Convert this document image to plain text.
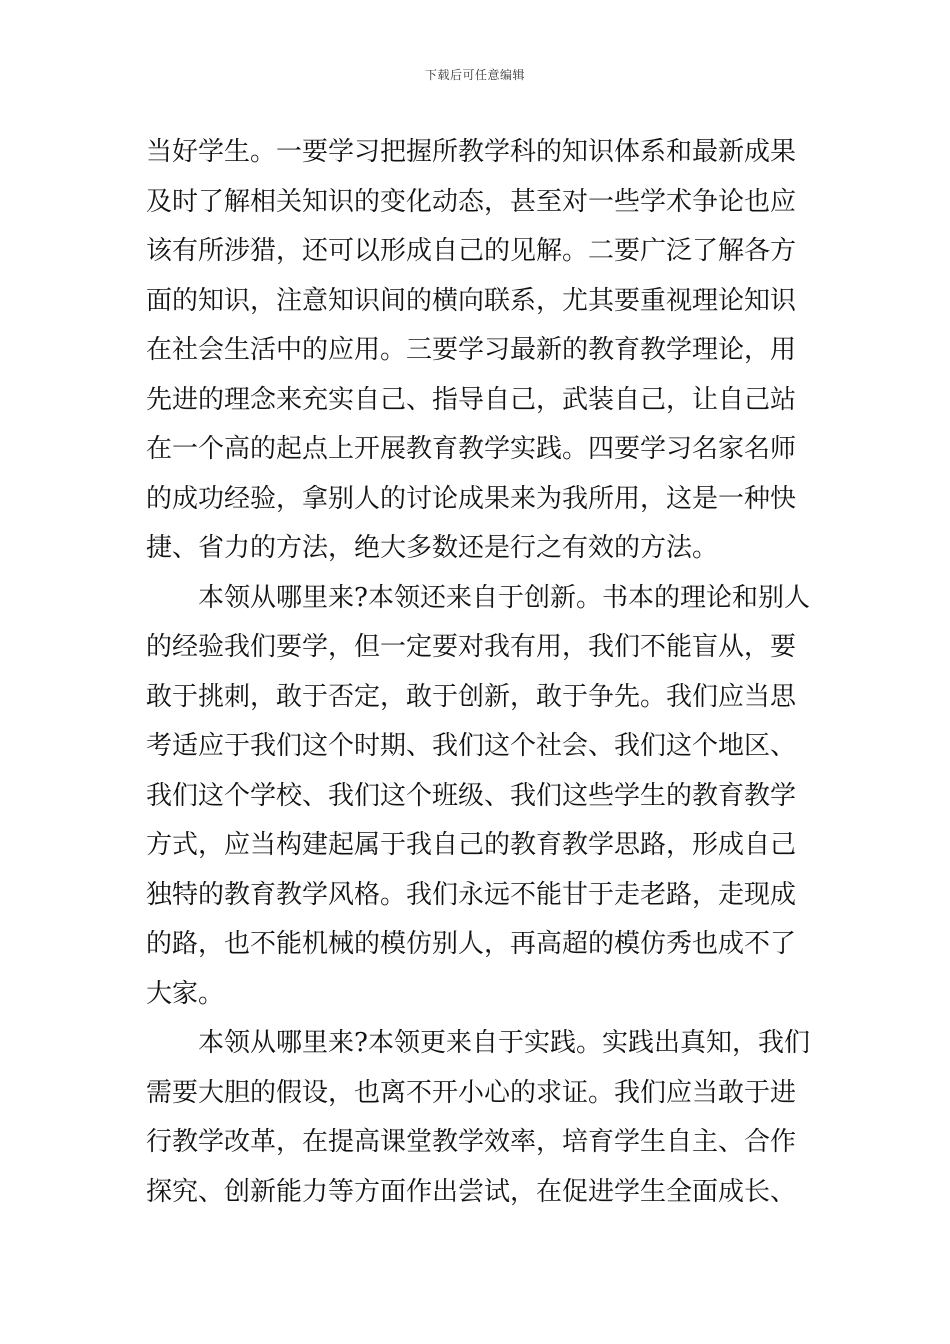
下载后可任意编辑

当好学生。一要学习把握所教学科的知识体系和最新成果
及时了解相关知识的变化动态，甚至对一些学术争论也应
该有所涉猎，还可以形成自己的见解。二要广泛了解各方
面的知识，注意知识间的横向联系，尤其要重视理论知识
在社会生活中的应用。三要学习最新的教育教学理论，用
先进的理念来充实自己、指导自己，武装自己，让自己站
在一个高的起点上开展教育教学实践。四要学习名家名师
的成功经验，拿别人的讨论成果来为我所用，这是一种快
捷、省力的方法，绝大多数还是行之有效的方法。

本领从哪里来?本领还来自于创新。书本的理论和别人
的经验我们要学，但一定要对我有用，我们不能盲从，要
敢于挑刺，敢于否定，敢于创新，敢于争先。我们应当思
考适应于我们这个时期、我们这个社会、我们这个地区、
我们这个学校、我们这个班级、我们这些学生的教育教学
方式，应当构建起属于我自己的教育教学思路，形成自己
独特的教育教学风格。我们永远不能甘于走老路，走现成
的路，也不能机械的模仿别人，再高超的模仿秀也成不了
大家。

本领从哪里来?本领更来自于实践。实践出真知，我们
需要大胆的假设，也离不开小心的求证。我们应当敢于进
行教学改革，在提高课堂教学效率，培育学生自主、合作
探究、创新能力等方面作出尝试，在促进学生全面成长、
